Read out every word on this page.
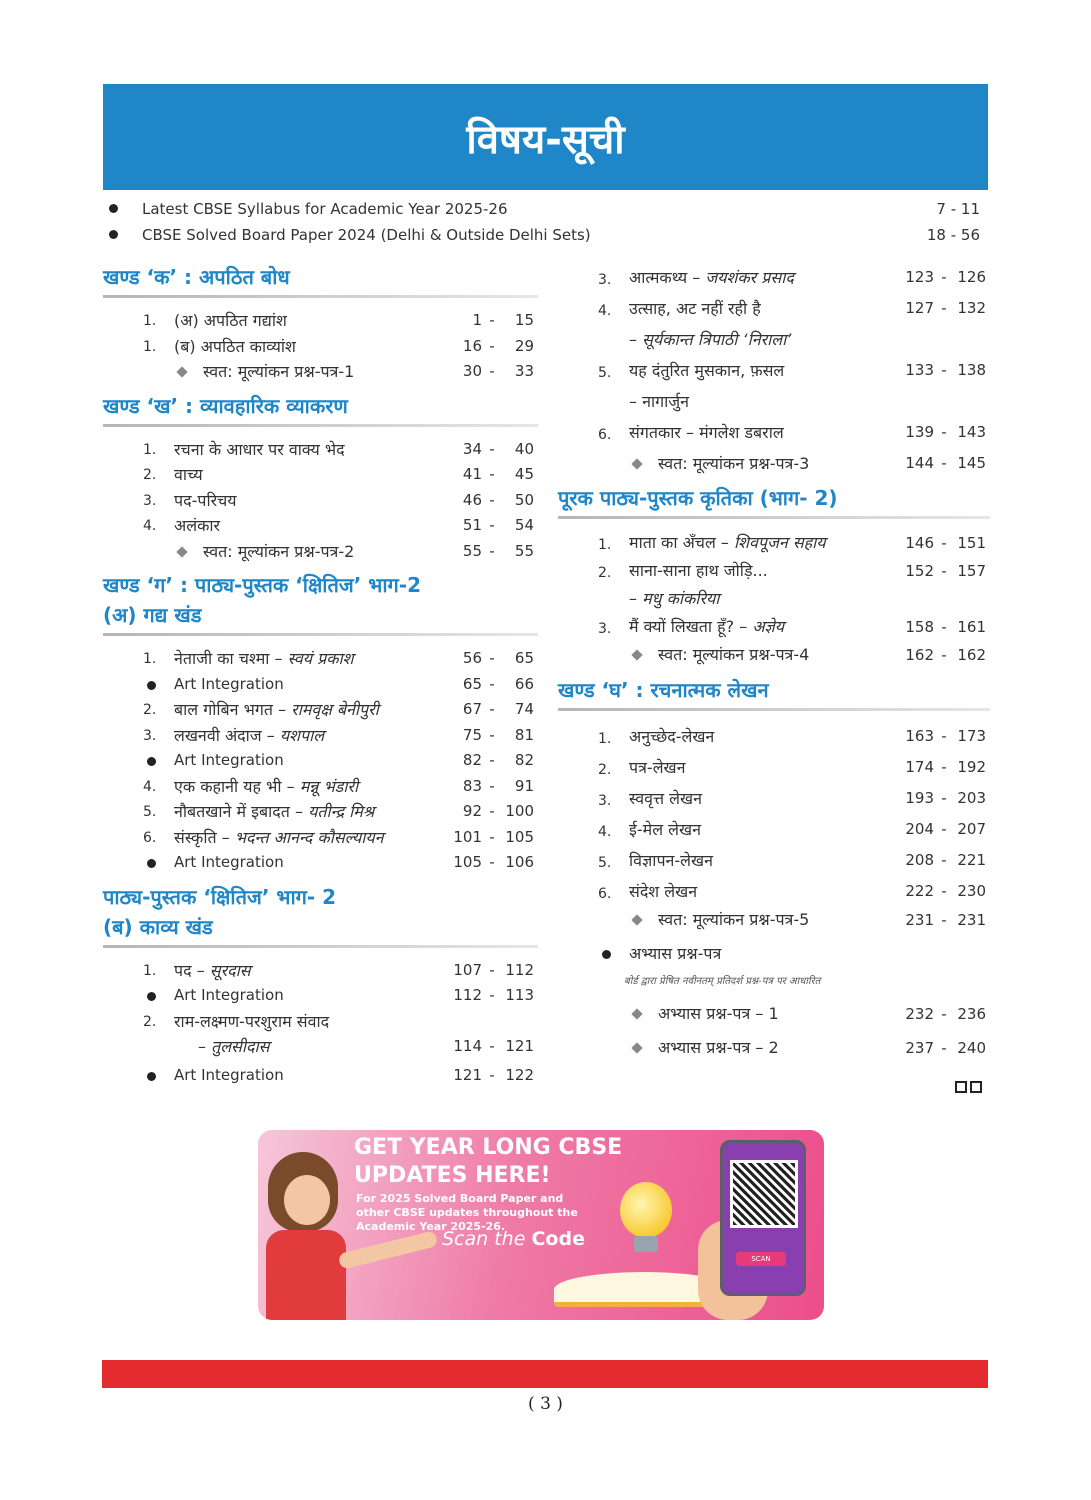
विषय-सूची
Latest CBSE Syllabus for Academic Year 2025-26	7 - 11
CBSE Solved Board Paper 2024 (Delhi & Outside Delhi Sets)	18 - 56
खण्ड ‘क’ : अपठित बोध
1. (अ) अपठित गद्यांश	1 -	15
1. (ब) अपठित काव्यांश	16 -	29
स्वत: मूल्यांकन प्रश्न-पत्र-1	30 -	33
खण्ड ‘ख’ : व्यावहारिक व्याकरण
1. रचना के आधार पर वाक्य भेद	34 -	40
2. वाच्य	41 -	45
3. पद-परिचय	46 -	50
4. अलंकार	51 -	54
स्वत: मूल्यांकन प्रश्न-पत्र-2	55 -	55
खण्ड ‘ग’ : पाठ्य-पुस्तक ‘क्षितिज’ भाग-2
(अ) गद्य खंड
1. नेताजी का चश्मा – स्वयं प्रकाश	56 -	65
Art Integration	65 -	66
2. बाल गोबिन भगत – रामवृक्ष बेनीपुरी	67 -	74
3. लखनवी अंदाज – यशपाल	75 -	81
Art Integration	82 -	82
4. एक कहानी यह भी – मन्नू भंडारी	83 -	91
5. नौबतखाने में इबादत – यतीन्द्र मिश्र	92 - 100
6. संस्कृति – भदन्त आनन्द कौसल्यायन	101 - 105
Art Integration	105 - 106
पाठ्य-पुस्तक ‘क्षितिज’ भाग- 2
(ब) काव्य खंड
1. पद – सूरदास	107 - 112
Art Integration	112 - 113
2. राम-लक्ष्मण-परशुराम संवाद
– तुलसीदास	114 - 121
Art Integration	121 - 122
3. आत्मकथ्य – जयशंकर प्रसाद	123 - 126
4. उत्साह, अट नहीं रही है	127 - 132
– सूर्यकान्त त्रिपाठी ‘निराला’
5. यह दंतुरित मुसकान, फ़सल	133 - 138
– नागार्जुन
6. संगतकार – मंगलेश डबराल	139 - 143
स्वत: मूल्यांकन प्रश्न-पत्र-3	144 - 145
पूरक पाठ्य-पुस्तक कृतिका (भाग- 2)
1. माता का अँचल – शिवपूजन सहाय	146 - 151
2. साना-साना हाथ जोड़ि...	152 - 157
– मधु कांकरिया
3. मैं क्यों लिखता हूँ? – अज्ञेय	158 - 161
स्वत: मूल्यांकन प्रश्न-पत्र-4	162 - 162
खण्ड ‘घ’ : रचनात्मक लेखन
1. अनुच्छेद-लेखन	163 - 173
2. पत्र-लेखन	174 - 192
3. स्ववृत्त लेखन	193 - 203
4. ई-मेल लेखन	204 - 207
5. विज्ञापन-लेखन	208 - 221
6. संदेश लेखन	222 - 230
स्वत: मूल्यांकन प्रश्न-पत्र-5	231 - 231
अभ्यास प्रश्न-पत्र
बोर्ड द्वारा प्रेषित नवीनतम् प्रतिदर्श प्रश्न-पत्र पर आधारित
अभ्यास प्रश्न-पत्र – 1	232 - 236
अभ्यास प्रश्न-पत्र – 2	237 - 240
GET YEAR LONG CBSE UPDATES HERE!
For 2025 Solved Board Paper and other CBSE updates throughout the Academic Year 2025-26.
Scan the Code
SCAN
( 3 )
